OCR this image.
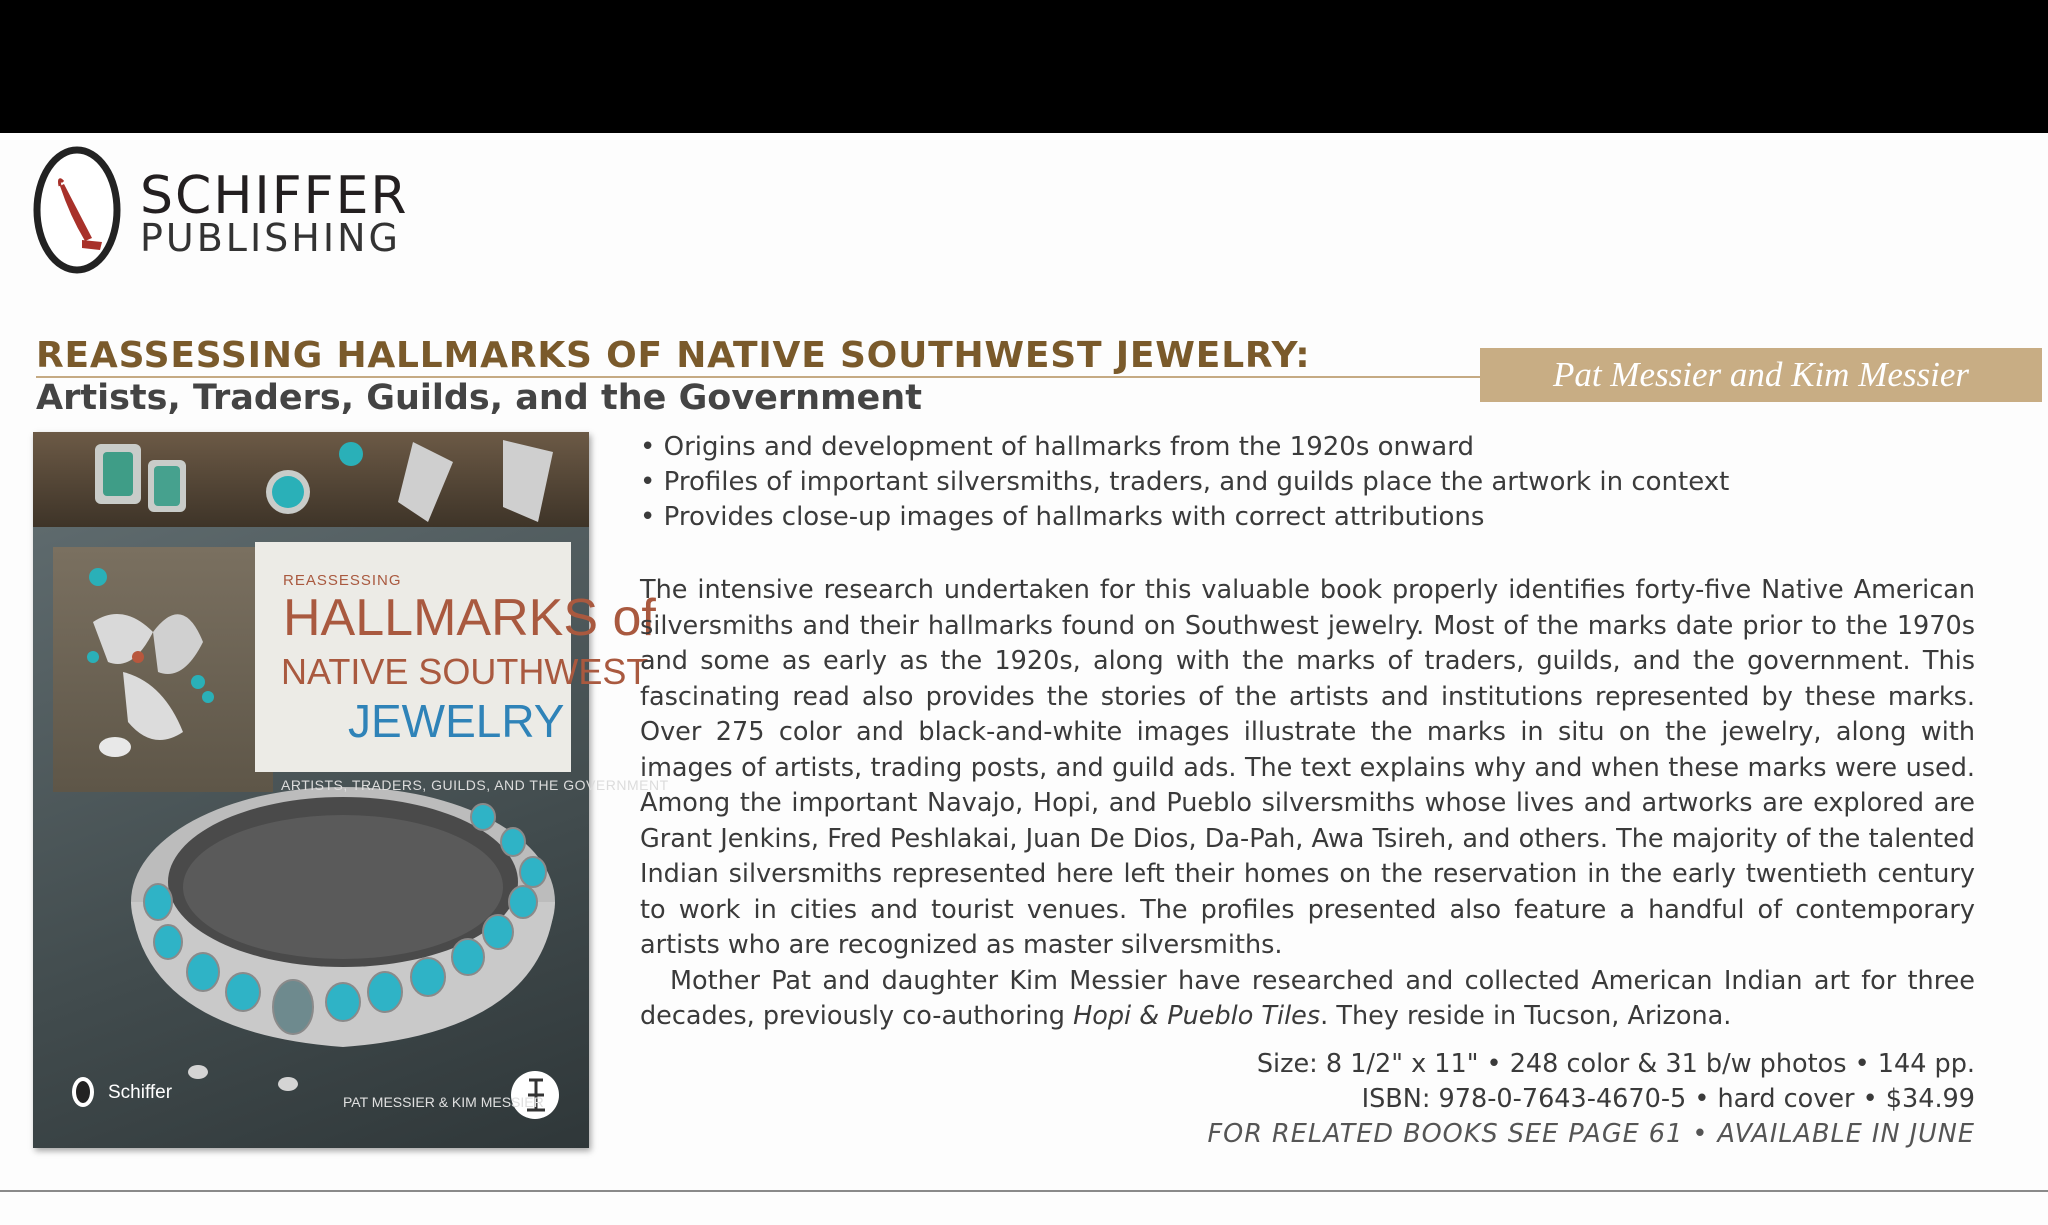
SCHIFFER
PUBLISHING
REASSESSING HALLMARKS OF NATIVE SOUTHWEST JEWELRY:
Artists, Traders, Guilds, and the Government
Pat Messier and Kim Messier
REASSESSING
HALLMARKS of
NATIVE SOUTHWEST
JEWELRY
ARTISTS, TRADERS, GUILDS, AND THE GOVERNMENT
Schiffer	PAT MESSIER & KIM MESSIER
• Origins and development of hallmarks from the 1920s onward
• Profiles of important silversmiths, traders, and guilds place the artwork in context
• Provides close-up images of hallmarks with correct attributions

The intensive research undertaken for this valuable book properly identifies forty-five Native American silversmiths and their hallmarks found on Southwest jewelry. Most of the marks date prior to the 1970s and some as early as the 1920s, along with the marks of traders, guilds, and the government. This fascinating read also provides the stories of the artists and institutions represented by these marks. Over 275 color and black-and-white images illustrate the marks in situ on the jewelry, along with images of artists, trading posts, and guild ads. The text explains why and when these marks were used. Among the important Navajo, Hopi, and Pueblo silversmiths whose lives and artworks are explored are Grant Jenkins, Fred Peshlakai, Juan De Dios, Da-Pah, Awa Tsireh, and others. The majority of the talented Indian silversmiths represented here left their homes on the reservation in the early twentieth century to work in cities and tourist venues. The profiles presented also feature a handful of contemporary artists who are recognized as master silversmiths.

Mother Pat and daughter Kim Messier have researched and collected American Indian art for three decades, previously co-authoring Hopi & Pueblo Tiles. They reside in Tucson, Arizona.

Size: 8 1/2" x 11" • 248 color & 31 b/w photos • 144 pp.
ISBN: 978-0-7643-4670-5 • hard cover • $34.99
FOR RELATED BOOKS SEE PAGE 61 • AVAILABLE IN JUNE
